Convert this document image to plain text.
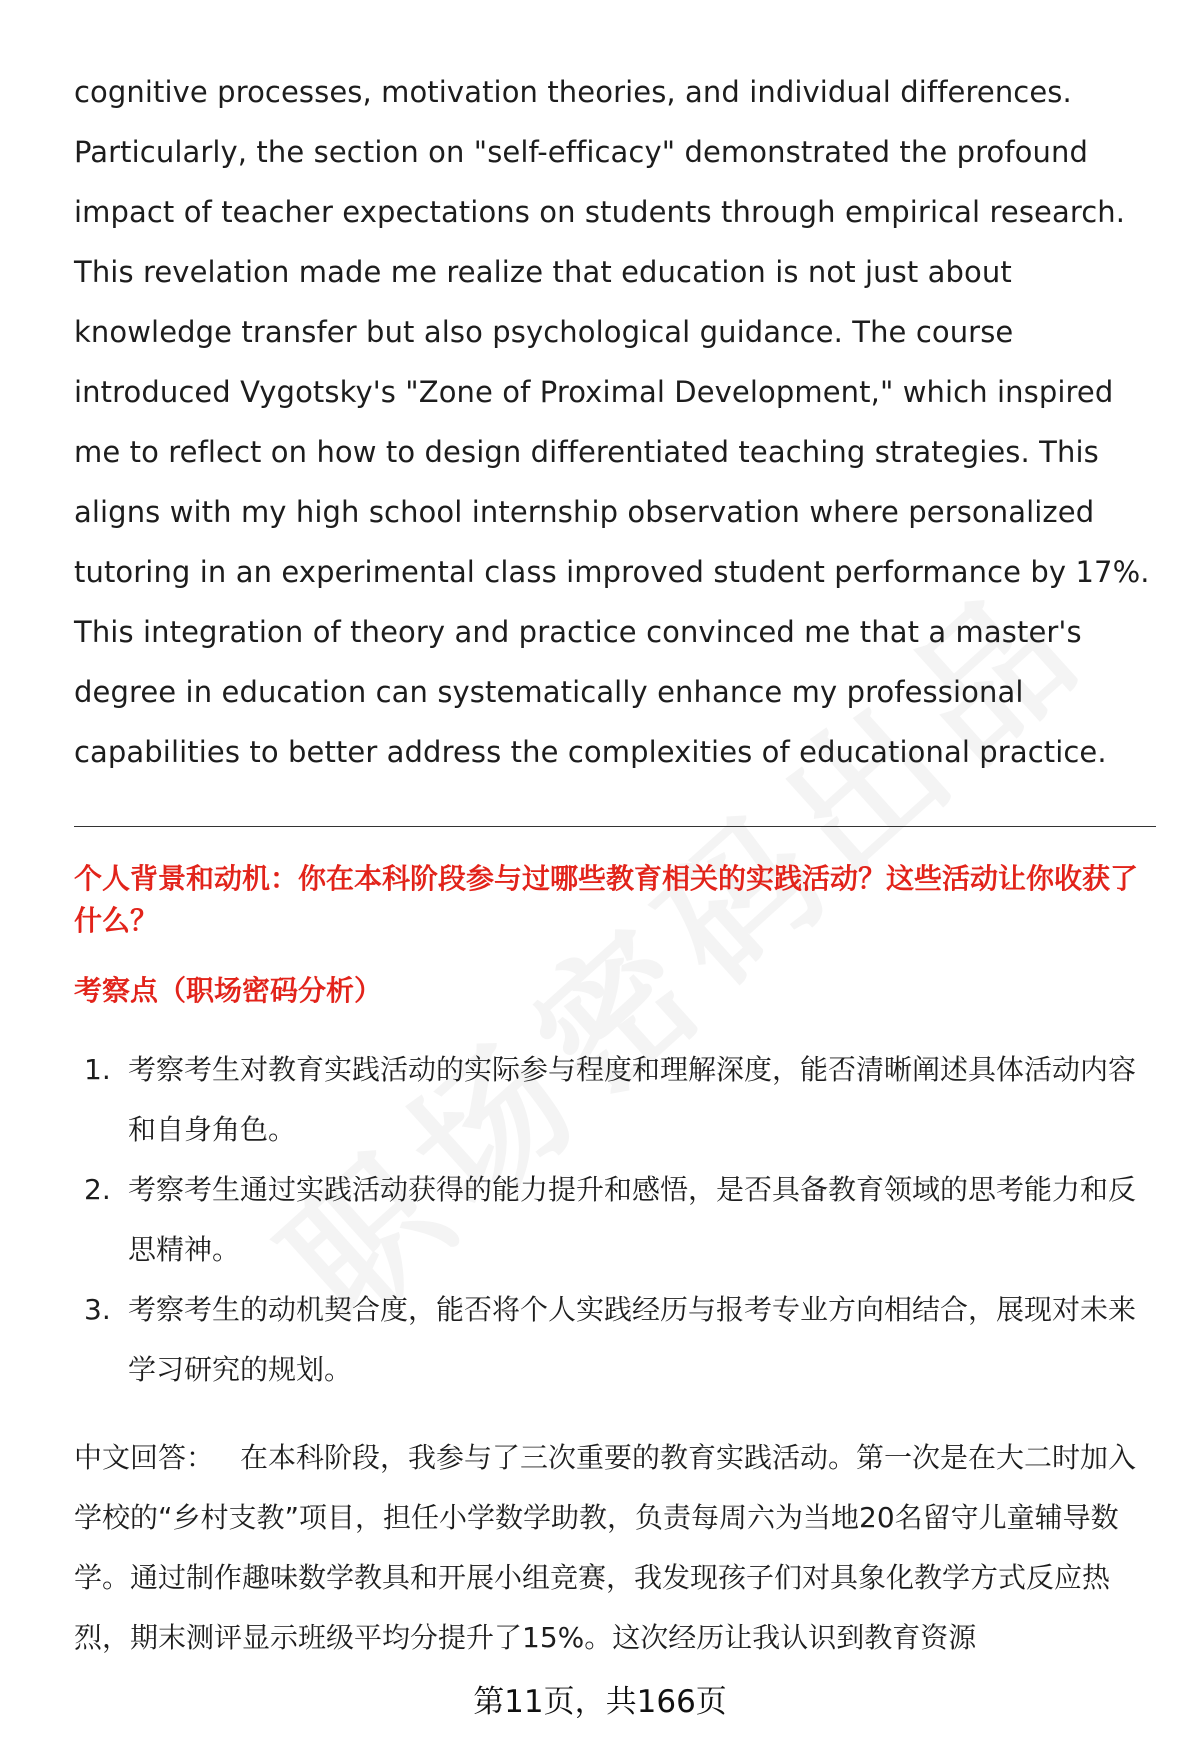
cognitive processes, motivation theories, and individual differences. Particularly, the section on "self-efficacy" demonstrated the profound impact of teacher expectations on students through empirical research. This revelation made me realize that education is not just about knowledge transfer but also psychological guidance. The course introduced Vygotsky's "Zone of Proximal Development," which inspired me to reflect on how to design differentiated teaching strategies. This aligns with my high school internship observation where personalized tutoring in an experimental class improved student performance by 17%. This integration of theory and practice convinced me that a master's degree in education can systematically enhance my professional capabilities to better address the complexities of educational practice.

个人背景和动机：你在本科阶段参与过哪些教育相关的实践活动？这些活动让你收获了什么？

考察点（职场密码分析）

1. 考察考生对教育实践活动的实际参与程度和理解深度，能否清晰阐述具体活动内容和自身角色。
2. 考察考生通过实践活动获得的能力提升和感悟，是否具备教育领域的思考能力和反思精神。
3. 考察考生的动机契合度，能否将个人实践经历与报考专业方向相结合，展现对未来学习研究的规划。

中文回答： 在本科阶段，我参与了三次重要的教育实践活动。第一次是在大二时加入学校的“乡村支教”项目，担任小学数学助教，负责每周六为当地20名留守儿童辅导数学。通过制作趣味数学教具和开展小组竞赛，我发现孩子们对具象化教学方式反应热烈，期末测评显示班级平均分提升了15%。这次经历让我认识到教育资源

第11页，共166页
